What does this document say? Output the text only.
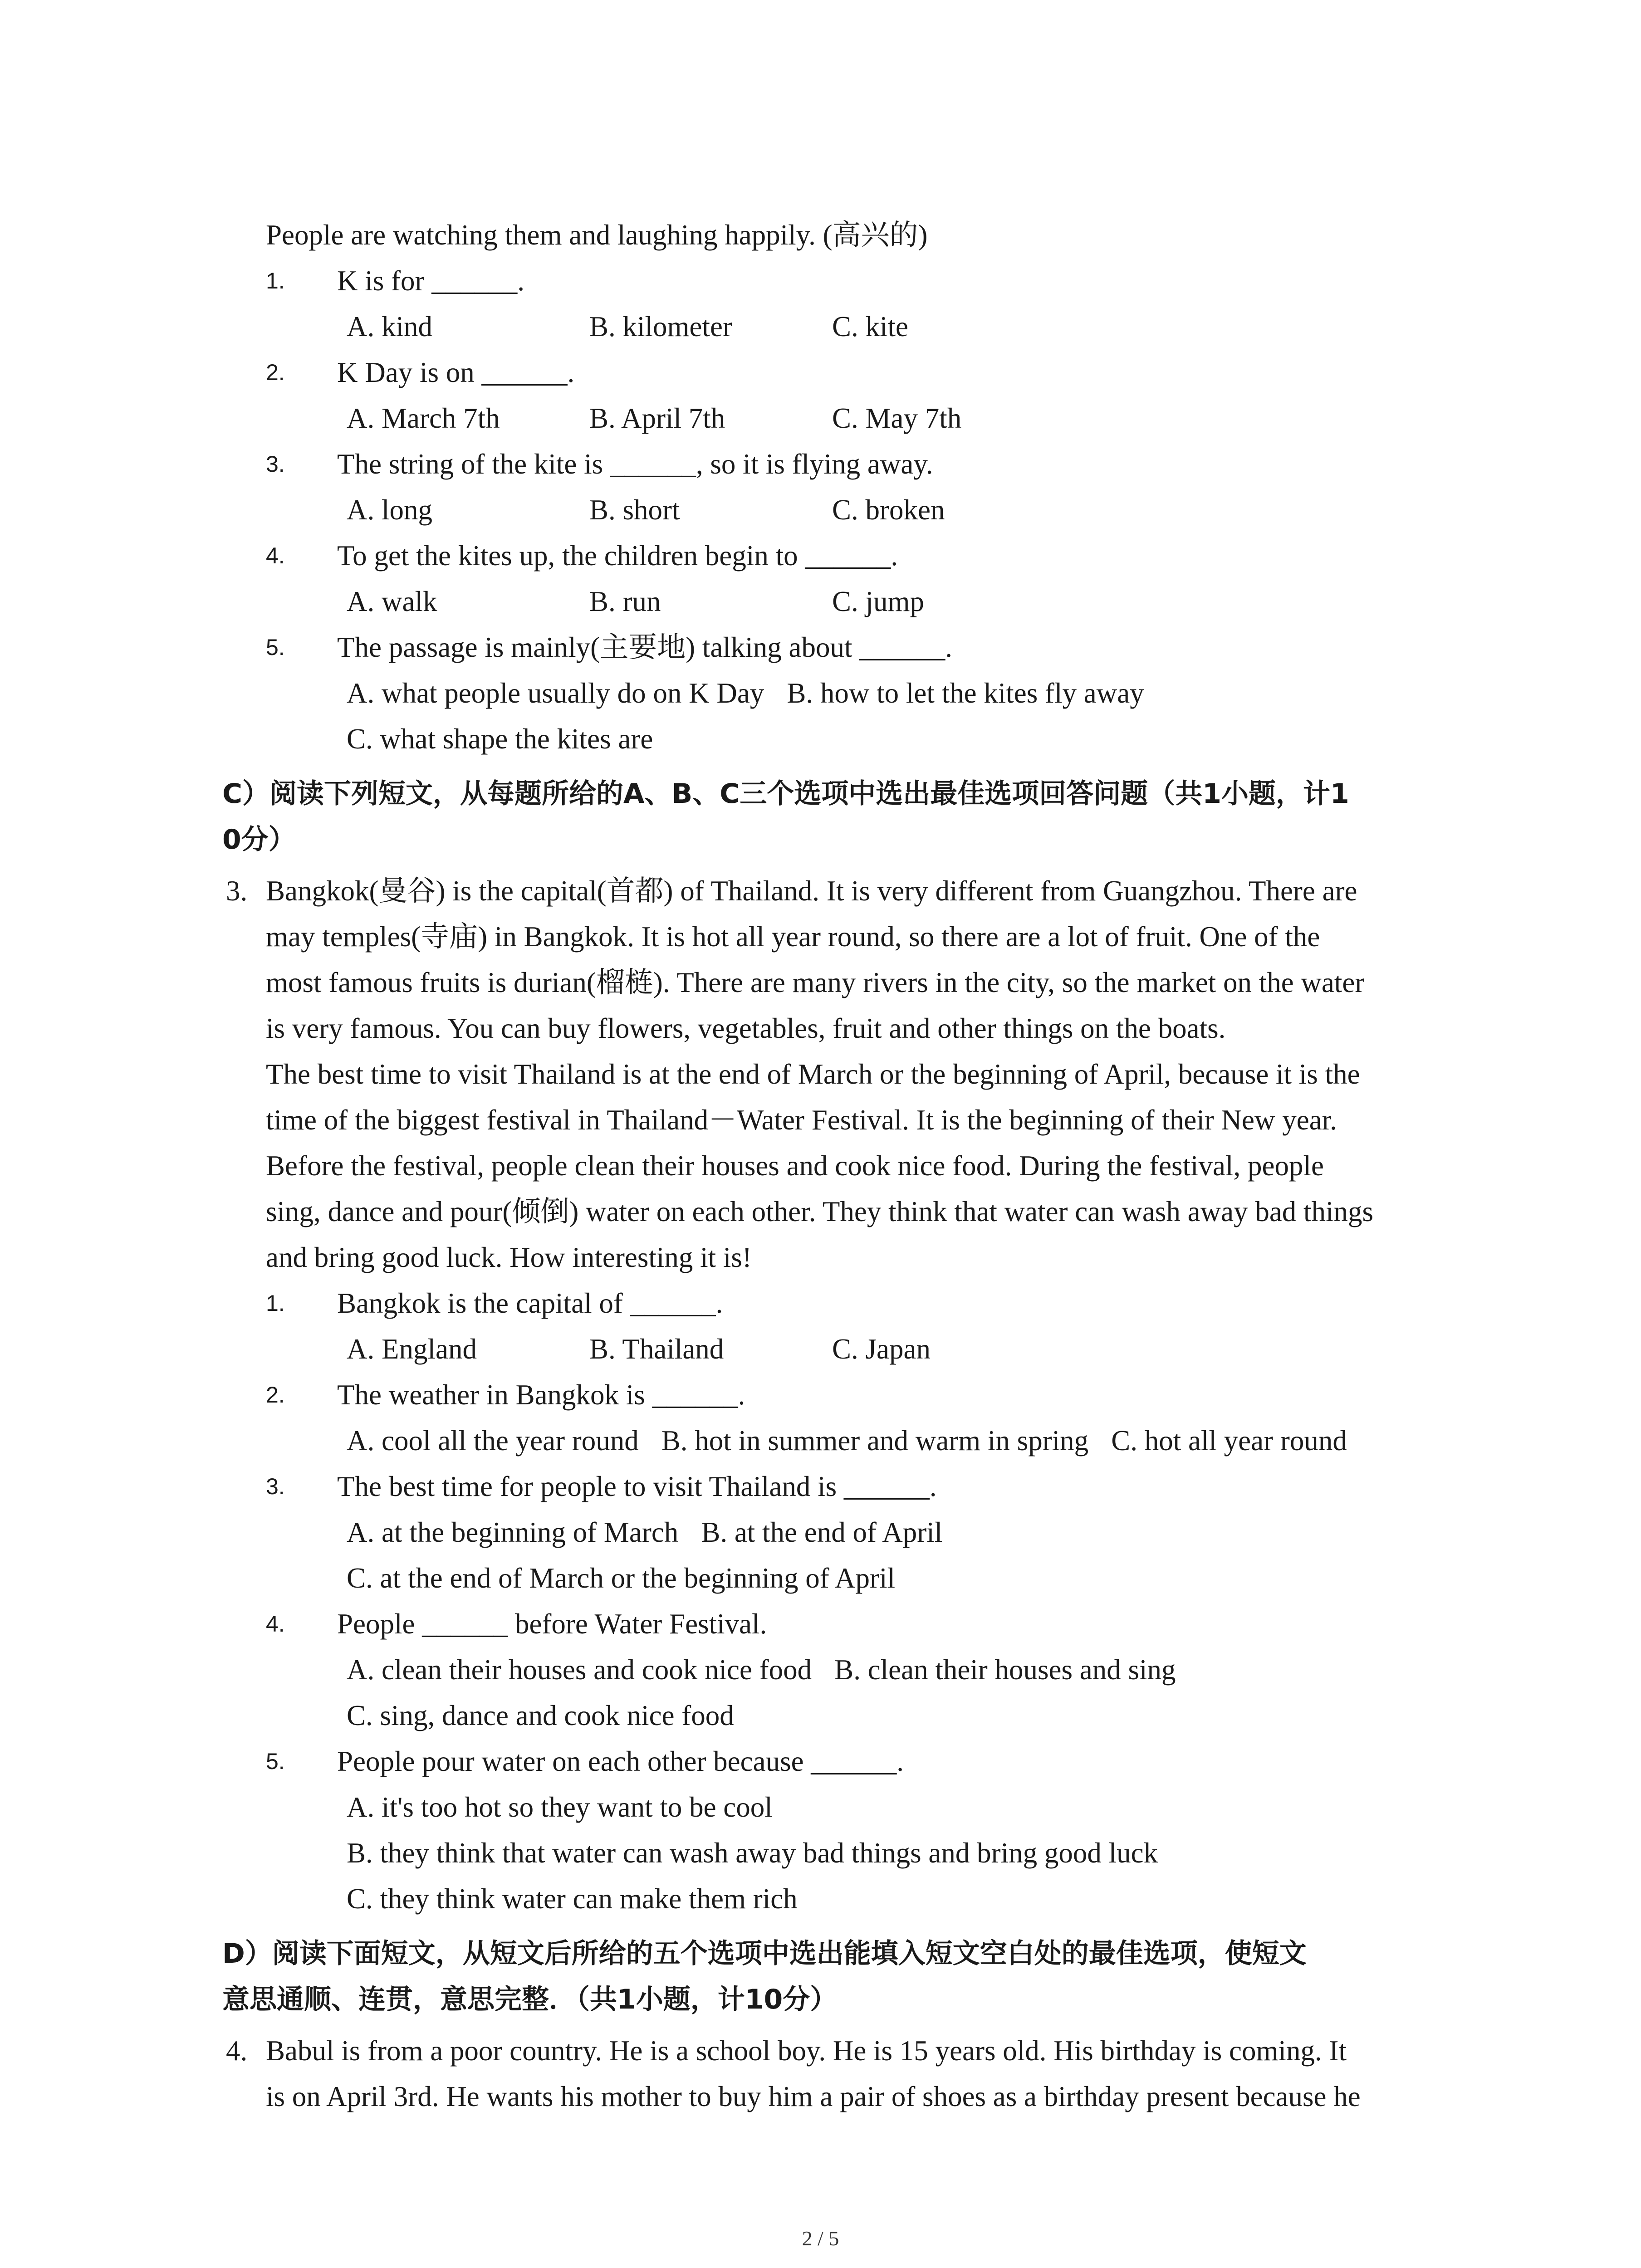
People are watching them and laughing happily. (高兴的)
1. K is for ______.
A. kind	B. kilometer	C. kite
2. K Day is on ______.
A. March 7th	B. April 7th	C. May 7th
3. The string of the kite is ______, so it is flying away.
A. long	B. short	C. broken
4. To get the kites up, the children begin to ______.
A. walk	B. run	C. jump
5. The passage is mainly(主要地) talking about ______.
A. what people usually do on K Day B. how to let the kites fly away
C. what shape the kites are
C）阅读下列短文，从每题所给的A、B、C三个选项中选出最佳选项回答问题（共1小题，计1
0分）
3. Bangkok(曼谷) is the capital(首都) of Thailand. It is very different from Guangzhou. There are
may temples(寺庙) in Bangkok. It is hot all year round, so there are a lot of fruit. One of the
most famous fruits is durian(榴梿). There are many rivers in the city, so the market on the water
is very famous. You can buy flowers, vegetables, fruit and other things on the boats.
The best time to visit Thailand is at the end of March or the beginning of April, because it is the
time of the biggest festival in Thailand－Water Festival. It is the beginning of their New year.
Before the festival, people clean their houses and cook nice food. During the festival, people
sing, dance and pour(倾倒) water on each other. They think that water can wash away bad things
and bring good luck. How interesting it is!
1. Bangkok is the capital of ______.
A. England	B. Thailand	C. Japan
2. The weather in Bangkok is ______.
A. cool all the year round B. hot in summer and warm in spring C. hot all year round
3. The best time for people to visit Thailand is ______.
A. at the beginning of March B. at the end of April
C. at the end of March or the beginning of April
4. People ______ before Water Festival.
A. clean their houses and cook nice food B. clean their houses and sing
C. sing, dance and cook nice food
5. People pour water on each other because ______.
A. it's too hot so they want to be cool
B. they think that water can wash away bad things and bring good luck
C. they think water can make them rich
D）阅读下面短文，从短文后所给的五个选项中选出能填入短文空白处的最佳选项，使短文
意思通顺、连贯，意思完整．（共1小题，计10分）
4. Babul is from a poor country. He is a school boy. He is 15 years old. His birthday is coming. It
is on April 3rd. He wants his mother to buy him a pair of shoes as a birthday present because he
2 / 5
